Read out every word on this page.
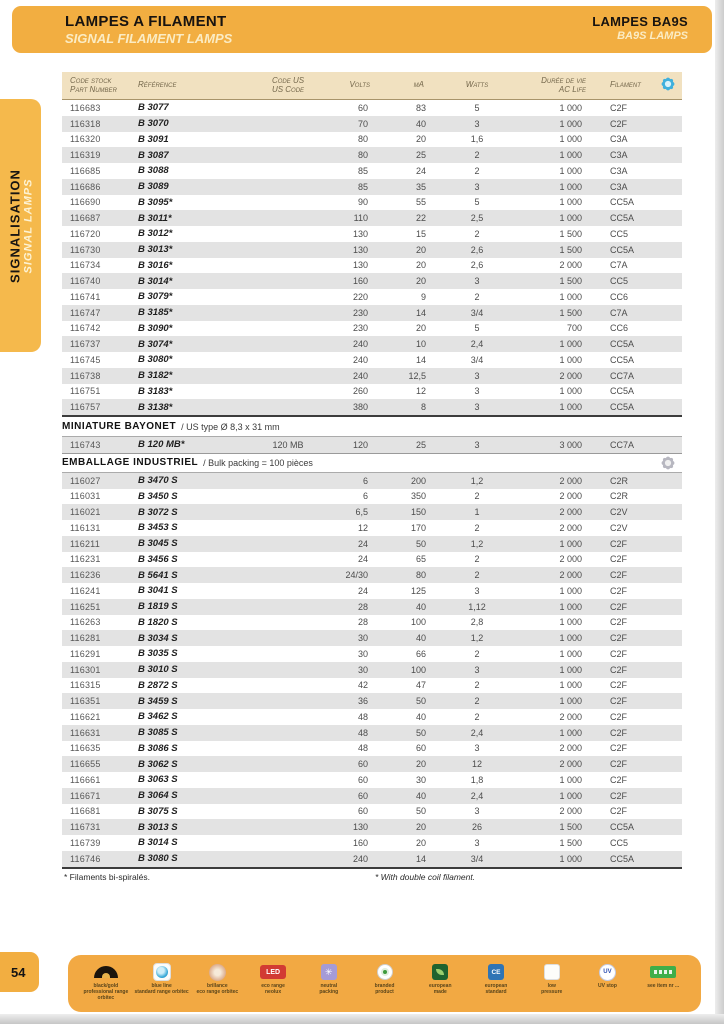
LAMPES A FILAMENT
SIGNAL FILAMENT LAMPS
LAMPES BA9S
BA9S LAMPS
SIGNALISATION SIGNAL LAMPS
Code stock
Part Number	Référence	Code US
US Code	Volts	mA	Watts	Durée de vie
AC Life	Filament
116683	B 3077	60	83	5	1 000	C2F
116318	B 3070	70	40	3	1 000	C2F
116320	B 3091	80	20	1,6	1 000	C3A
116319	B 3087	80	25	2	1 000	C3A
116685	B 3088	85	24	2	1 000	C3A
116686	B 3089	85	35	3	1 000	C3A
116690	B 3095*	90	55	5	1 000	CC5A
116687	B 3011*	110	22	2,5	1 000	CC5A
116720	B 3012*	130	15	2	1 500	CC5
116730	B 3013*	130	20	2,6	1 500	CC5A
116734	B 3016*	130	20	2,6	2 000	C7A
116740	B 3014*	160	20	3	1 500	CC5
116741	B 3079*	220	9	2	1 000	CC6
116747	B 3185*	230	14	3/4	1 500	C7A
116742	B 3090*	230	20	5	700	CC6
116737	B 3074*	240	10	2,4	1 000	CC5A
116745	B 3080*	240	14	3/4	1 000	CC5A
116738	B 3182*	240	12,5	3	2 000	CC7A
116751	B 3183*	260	12	3	1 000	CC5A
116757	B 3138*	380	8	3	1 000	CC5A
MINIATURE BAYONET / US type Ø 8,3 x 31 mm
116743	B 120 MB*	120 MB	120	25	3	3 000	CC7A
EMBALLAGE INDUSTRIEL / Bulk packing = 100 pièces
116027	B 3470 S	6	200	1,2	2 000	C2R
116031	B 3450 S	6	350	2	2 000	C2R
116021	B 3072 S	6,5	150	1	2 000	C2V
116131	B 3453 S	12	170	2	2 000	C2V
116211	B 3045 S	24	50	1,2	1 000	C2F
116231	B 3456 S	24	65	2	2 000	C2F
116236	B 5641 S	24/30	80	2	2 000	C2F
116241	B 3041 S	24	125	3	1 000	C2F
116251	B 1819 S	28	40	1,12	1 000	C2F
116263	B 1820 S	28	100	2,8	1 000	C2F
116281	B 3034 S	30	40	1,2	1 000	C2F
116291	B 3035 S	30	66	2	1 000	C2F
116301	B 3010 S	30	100	3	1 000	C2F
116315	B 2872 S	42	47	2	1 000	C2F
116351	B 3459 S	36	50	2	1 000	C2F
116621	B 3462 S	48	40	2	2 000	C2F
116631	B 3085 S	48	50	2,4	1 000	C2F
116635	B 3086 S	48	60	3	2 000	C2F
116655	B 3062 S	60	20	12	2 000	C2F
116661	B 3063 S	60	30	1,8	1 000	C2F
116671	B 3064 S	60	40	2,4	1 000	C2F
116681	B 3075 S	60	50	3	2 000	C2F
116731	B 3013 S	130	20	26	1 500	CC5A
116739	B 3014 S	160	20	3	1 500	CC5
116746	B 3080 S	240	14	3/4	1 000	CC5A
* Filaments bi-spiralés.	* With double coil filament.
54
black/gold
professional range orbitec
blue line
standard range orbitec
brillance
eco range orbitec
LED
eco range
neolux
✳
neutral
packing
branded
product
european
made
CE
european
standard
low
pressure
UV
UV stop	see item nr ...
